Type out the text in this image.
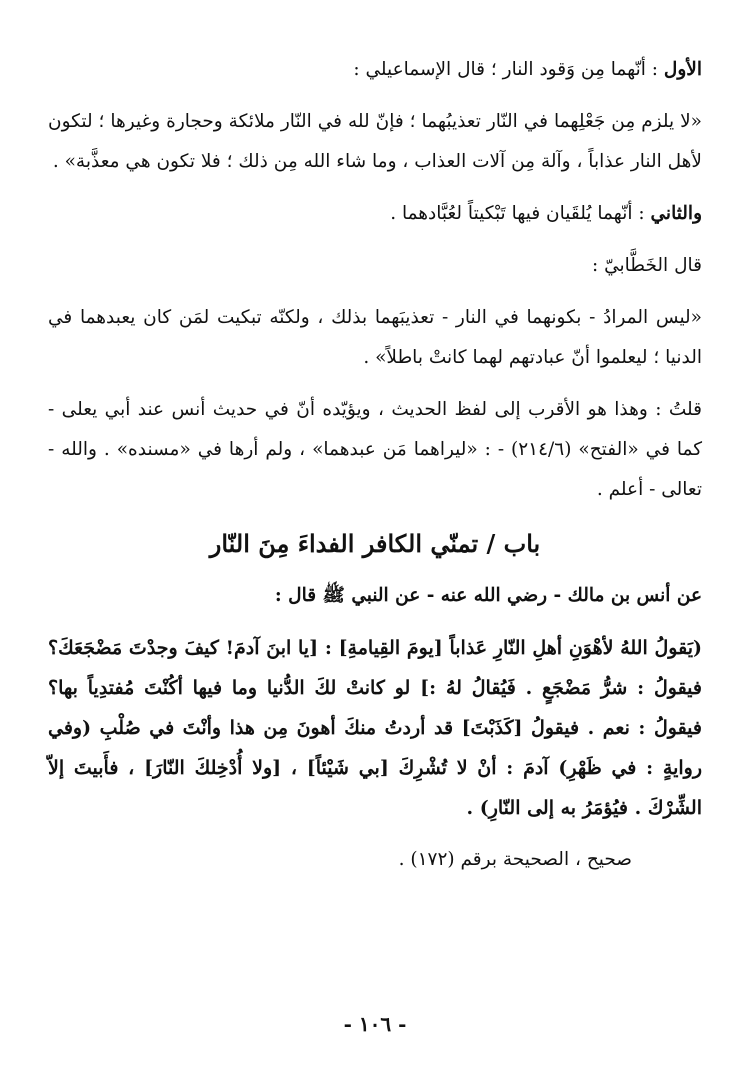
الأول : أنّهما مِن وَقود النار ؛ قال الإسماعيلي :

«لا يلزم مِن جَعْلِهما في النّار تعذيبُهما ؛ فإنّ لله في النّار ملائكة وحجارة وغيرها ؛ لتكون لأهل النار عذاباً ، وآلة مِن آلات العذاب ، وما شاء الله مِن ذلك ؛ فلا تكون هي معذَّبة» .

والثاني : أنّهما يُلقَيان فيها تَبْكيتاً لعُبَّادهما .

قال الخَطَّابيّ :

«ليس المرادُ - بكونهما في النار - تعذيبَهما بذلك ، ولكنّه تبكيت لمَن كان يعبدهما في الدنيا ؛ ليعلموا أنّ عبادتهم لهما كانتْ باطلاً» .

قلتُ : وهذا هو الأقرب إلى لفظ الحديث ، ويؤيّده أنّ في حديث أنس عند أبي يعلى - كما في «الفتح» (٢١٤/٦) - : «ليراهما مَن عبدهما» ، ولم أرها في «مسنده» . والله - تعالى - أعلم .

باب / تمنّي الكافر الفداءَ مِنَ النّار

عن أنس بن مالك - رضي الله عنه - عن النبي ﷺ قال :

(يَقولُ اللهُ لأهْوَنِ أهلِ النّارِ عَذاباً [يومَ القِيامةِ] : [يا ابنَ آدمَ! كيفَ وجدْتَ مَضْجَعَكَ؟ فيقولُ : شرُّ مَضْجَعٍ . فَيُقالُ لهُ :] لو كانتْ لكَ الدُّنيا وما فيها أكُنْتَ مُفتدِياً بها؟ فيقولُ : نعم . فيقولُ [كَذَبْتَ] قد أردتُ منكَ أهونَ مِن هذا وأنْتَ في صُلْبِ (وفي روايةٍ : في ظَهْرِ) آدمَ : أنْ لا تُشْرِكَ [بي شَيْئاً] ، [ولا أُدْخِلكَ النّارَ] ، فأَبيتَ إلاّ الشِّرْكَ . فيُؤمَرُ به إلى النّارِ) .

صحيح ، الصحيحة برقم (١٧٢) .

- ١٠٦ -
